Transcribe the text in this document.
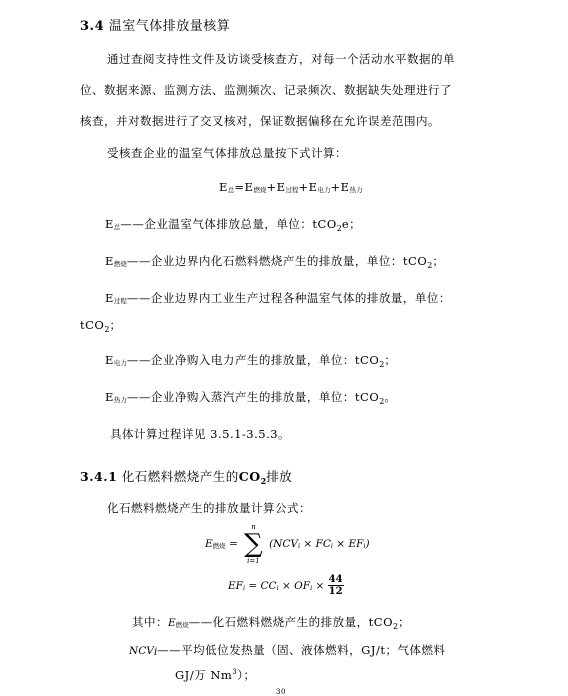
3.4 温室气体排放量核算
通过查阅支持性文件及访谈受核查方，对每一个活动水平数据的单
位、数据来源、监测方法、监测频次、记录频次、数据缺失处理进行了
核查，并对数据进行了交叉核对，保证数据偏移在允许误差范围内。
受核查企业的温室气体排放总量按下式计算：
E总=E燃烧+E过程+E电力+E热力
E总——企业温室气体排放总量，单位：tCO$_2$e；
E燃烧——企业边界内化石燃料燃烧产生的排放量，单位：tCO$_2$；
E过程——企业边界内工业生产过程各种温室气体的排放量，单位：
tCO$_2$；
E电力——企业净购入电力产生的排放量，单位：tCO$_2$；
E热力——企业净购入蒸汽产生的排放量，单位：tCO$_2$。
具体计算过程详见 3.5.1-3.5.3。
3.4.1 化石燃料燃烧产生的$CO_2$排放
化石燃料燃烧产生的排放量计算公式：
E燃烧 =
n
∑
i=1
(NCVi × FCi × EFi)
EFi = CCi × OFi × $\frac{44}{12}$
其中：E燃烧——化石燃料燃烧产生的排放量，tCO$_2$；
NCVi——平均低位发热量（固、液体燃料，GJ/t；气体燃料
GJ/万 Nm$^3$）；
30
